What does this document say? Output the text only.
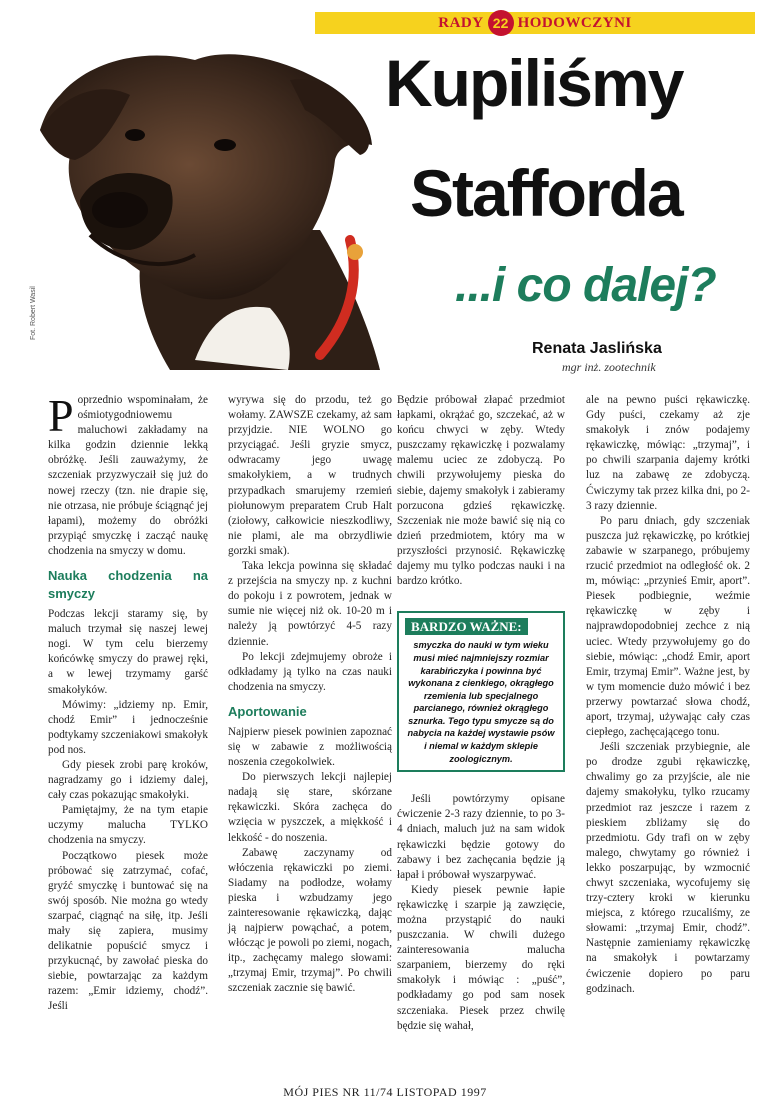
RADY 22 HODOWCZYNI
Fot. Robert Wasil
Kupiliśmy
Stafforda
...i co dalej?
Renata Jaslińska
mgr inż. zootechnik

Poprzednio wspominałam, że ośmiotygodniowemu maluchowi zakładamy na kilka godzin dziennie lekką obróżkę. Jeśli zauważymy, że szczeniak przyzwyczaił się już do nowej rzeczy (tzn. nie drapie się, nie otrzasa, nie próbuje ściągnąć jej łapami), możemy do obróżki przypiąć smyczkę i zacząć naukę chodzenia na smyczy w domu.

Nauka chodzenia na smyczy

Podczas lekcji staramy się, by maluch trzymał się naszej lewej nogi. W tym celu bierzemy końcówkę smyczy do prawej ręki, a w lewej trzymamy garść smakołyków.

Mówimy: „idziemy np. Emir, chodź Emir” i jednocześnie podtykamy szczeniakowi smakołyk pod nos.

Gdy piesek zrobi parę kroków, nagradzamy go i idziemy dalej, cały czas pokazując smakołyki.

Pamiętajmy, że na tym etapie uczymy malucha TYLKO chodzenia na smyczy.

Początkowo piesek może próbować się zatrzymać, cofać, gryźć smyczkę i buntować się na swój sposób. Nie można go wtedy szarpać, ciągnąć na siłę, itp. Jeśli mały się zapiera, musimy delikatnie popuścić smycz i przykucnąć, by zawołać pieska do siebie, powtarzając za każdym razem: „Emir idziemy, chodź”. Jeśli

wyrywa się do przodu, też go wołamy. ZAWSZE czekamy, aż sam przyjdzie. NIE WOLNO go przyciągać. Jeśli gryzie smycz, odwracamy jego uwagę smakołykiem, a w trudnych przypadkach smarujemy rzemień piołunowym preparatem Crub Halt (ziołowy, całkowicie nieszkodliwy, nie plami, ale ma obrzydliwie gorzki smak).

Taka lekcja powinna się składać z przejścia na smyczy np. z kuchni do pokoju i z powrotem, jednak w sumie nie więcej niż ok. 10-20 m i należy ją powtórzyć 4-5 razy dziennie.

Po lekcji zdejmujemy obroże i odkładamy ją tylko na czas nauki chodzenia na smyczy.

Aportowanie

Najpierw piesek powinien zapoznać się w zabawie z możliwością noszenia czegokolwiek.

Do pierwszych lekcji najlepiej nadają się stare, skórzane rękawiczki. Skóra zachęca do wzięcia w pyszczek, a miękkość i lekkość - do noszenia.

Zabawę zaczynamy od włóczenia rękawiczki po ziemi. Siadamy na podłodze, wołamy pieska i wzbudzamy jego zainteresowanie rękawiczką, dając ją najpierw powąchać, a potem, włócząc je powoli po ziemi, nogach, itp., zachęcamy malego słowami: „trzymaj Emir, trzymaj”. Po chwili szczeniak zacznie się bawić.

Będzie próbował złapać przedmiot łapkami, okrążać go, szczekać, aż w końcu chwyci w zęby. Wtedy puszczamy rękawiczkę i pozwalamy malemu uciec ze zdobyczą. Po chwili przywołujemy pieska do siebie, dajemy smakołyk i zabieramy porzucona gdzieś rękawiczkę. Szczeniak nie może bawić się nią co dzień przedmiotem, który ma w przyszłości przynosić. Rękawiczkę dajemy mu tylko podczas nauki i na bardzo krótko.

BARDZO WAŻNE:
smyczka do nauki w tym wieku musi mieć najmniejszy rozmiar karabińczyka i powinna być wykonana z cienkiego, okrągłego rzemienia lub specjalnego parcianego, również okrągłego sznurka. Tego typu smycze są do nabycia na każdej wystawie psów i niemal w każdym sklepie zoologicznym.

Jeśli powtórzymy opisane ćwiczenie 2-3 razy dziennie, to po 3-4 dniach, maluch już na sam widok rękawiczki będzie gotowy do zabawy i bez zachęcania będzie ją łapał i próbował wyszarpywać.

Kiedy piesek pewnie łapie rękawiczkę i szarpie ją zawzięcie, można przystąpić do nauki puszczania. W chwili dużego zainteresowania malucha szarpaniem, bierzemy do ręki smakołyk i mówiąc : „puść”, podkładamy go pod sam nosek szczeniaka. Piesek przez chwilę będzie się wahał,

ale na pewno puści rękawiczkę. Gdy puści, czekamy aż zje smakołyk i znów podajemy rękawiczkę, mówiąc: „trzymaj”, i po chwili szarpania dajemy krótki luz na zabawę ze zdobyczą. Ćwiczymy tak przez kilka dni, po 2-3 razy dziennie.

Po paru dniach, gdy szczeniak puszcza już rękawiczkę, po krótkiej zabawie w szarpanego, próbujemy rzucić przedmiot na odległość ok. 2 m, mówiąc: „przynieś Emir, aport”. Piesek podbiegnie, weźmie rękawiczkę w zęby i najprawdopodobniej zechce z nią uciec. Wtedy przywołujemy go do siebie, mówiąc: „chodź Emir, aport Emir, trzymaj Emir”. Ważne jest, by w tym momencie dużo mówić i bez przerwy powtarzać słowa chodź, aport, trzymaj, używając cały czas ciepłego, zachęcającego tonu.

Jeśli szczeniak przybiegnie, ale po drodze zgubi rękawiczkę, chwalimy go za przyjście, ale nie dajemy smakołyku, tylko rzucamy przedmiot raz jeszcze i razem z pieskiem zbliżamy się do przedmiotu. Gdy trafi on w zęby malego, chwytamy go również i lekko poszarpując, by wzmocnić chwyt szczeniaka, wycofujemy się trzy-cztery kroki w kierunku miejsca, z którego rzucaliśmy, ze słowami: „trzymaj Emir, chodź”. Następnie zamieniamy rękawiczkę na smakołyk i powtarzamy ćwiczenie dopiero po paru godzinach.

MÓJ PIES NR 11/74 LISTOPAD 1997
